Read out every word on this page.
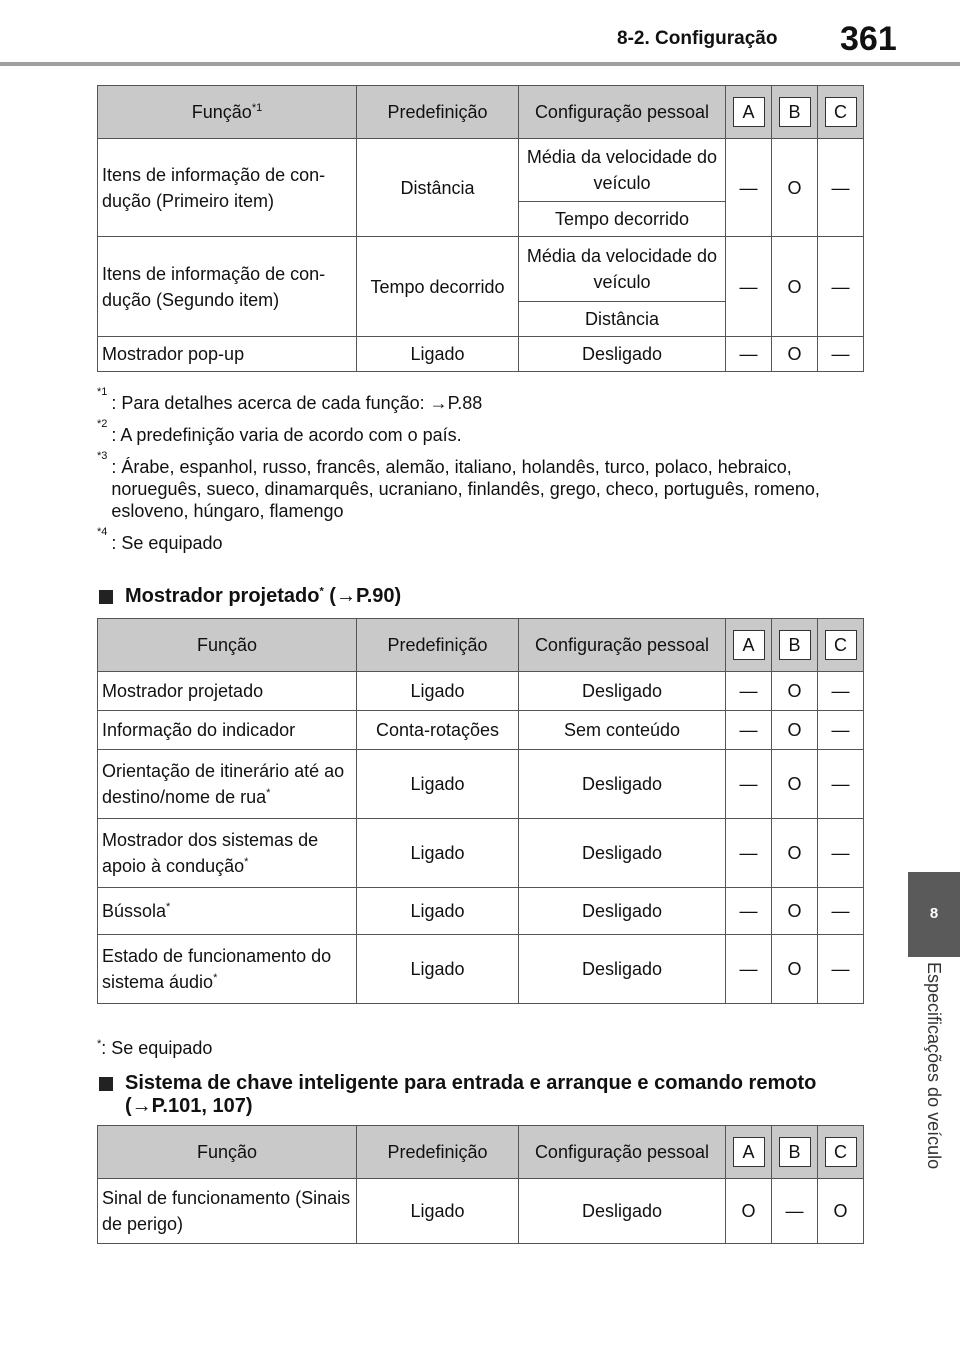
8-2. Configuração 361
8
Especificações do veículo
Função$^{*1}$	Predefinição	Configuração pessoal	A	B	C
Itens de informação de con-dução (Primeiro item)	Distância	Média da velocidade do veículo	—	O	—
		Tempo decorrido			
Itens de informação de con-dução (Segundo item)	Tempo decorrido	Média da velocidade do veículo	—	O	—
		Distância			
Mostrador pop-up	Ligado	Desligado	—	O	—
*1
: Para detalhes acerca de cada função: →P.88
*2
: A predefinição varia de acordo com o país.
*3
: Árabe, espanhol, russo, francês, alemão, italiano, holandês, turco, polaco, hebraico, norueguês, sueco, dinamarquês, ucraniano, finlandês, grego, checo, português, romeno, esloveno, húngaro, flamengo
*4
: Se equipado
Mostrador projetado* (→P.90)
Função	Predefinição	Configuração pessoal	A	B	C
Mostrador projetado	Ligado	Desligado	—	O	—
Informação do indicador	Conta-rotações	Sem conteúdo	—	O	—
Orientação de itinerário até ao destino/nome de rua*	Ligado	Desligado	—	O	—
Mostrador dos sistemas de apoio à condução*	Ligado	Desligado	—	O	—
Bússola*	Ligado	Desligado	—	O	—
Estado de funcionamento do sistema áudio*	Ligado	Desligado	—	O	—
*: Se equipado
Sistema de chave inteligente para entrada e arranque e comando remoto (→P.101, 107)
Função	Predefinição	Configuração pessoal	A	B	C
Sinal de funcionamento (Sinais de perigo)	Ligado	Desligado	O	—	O
